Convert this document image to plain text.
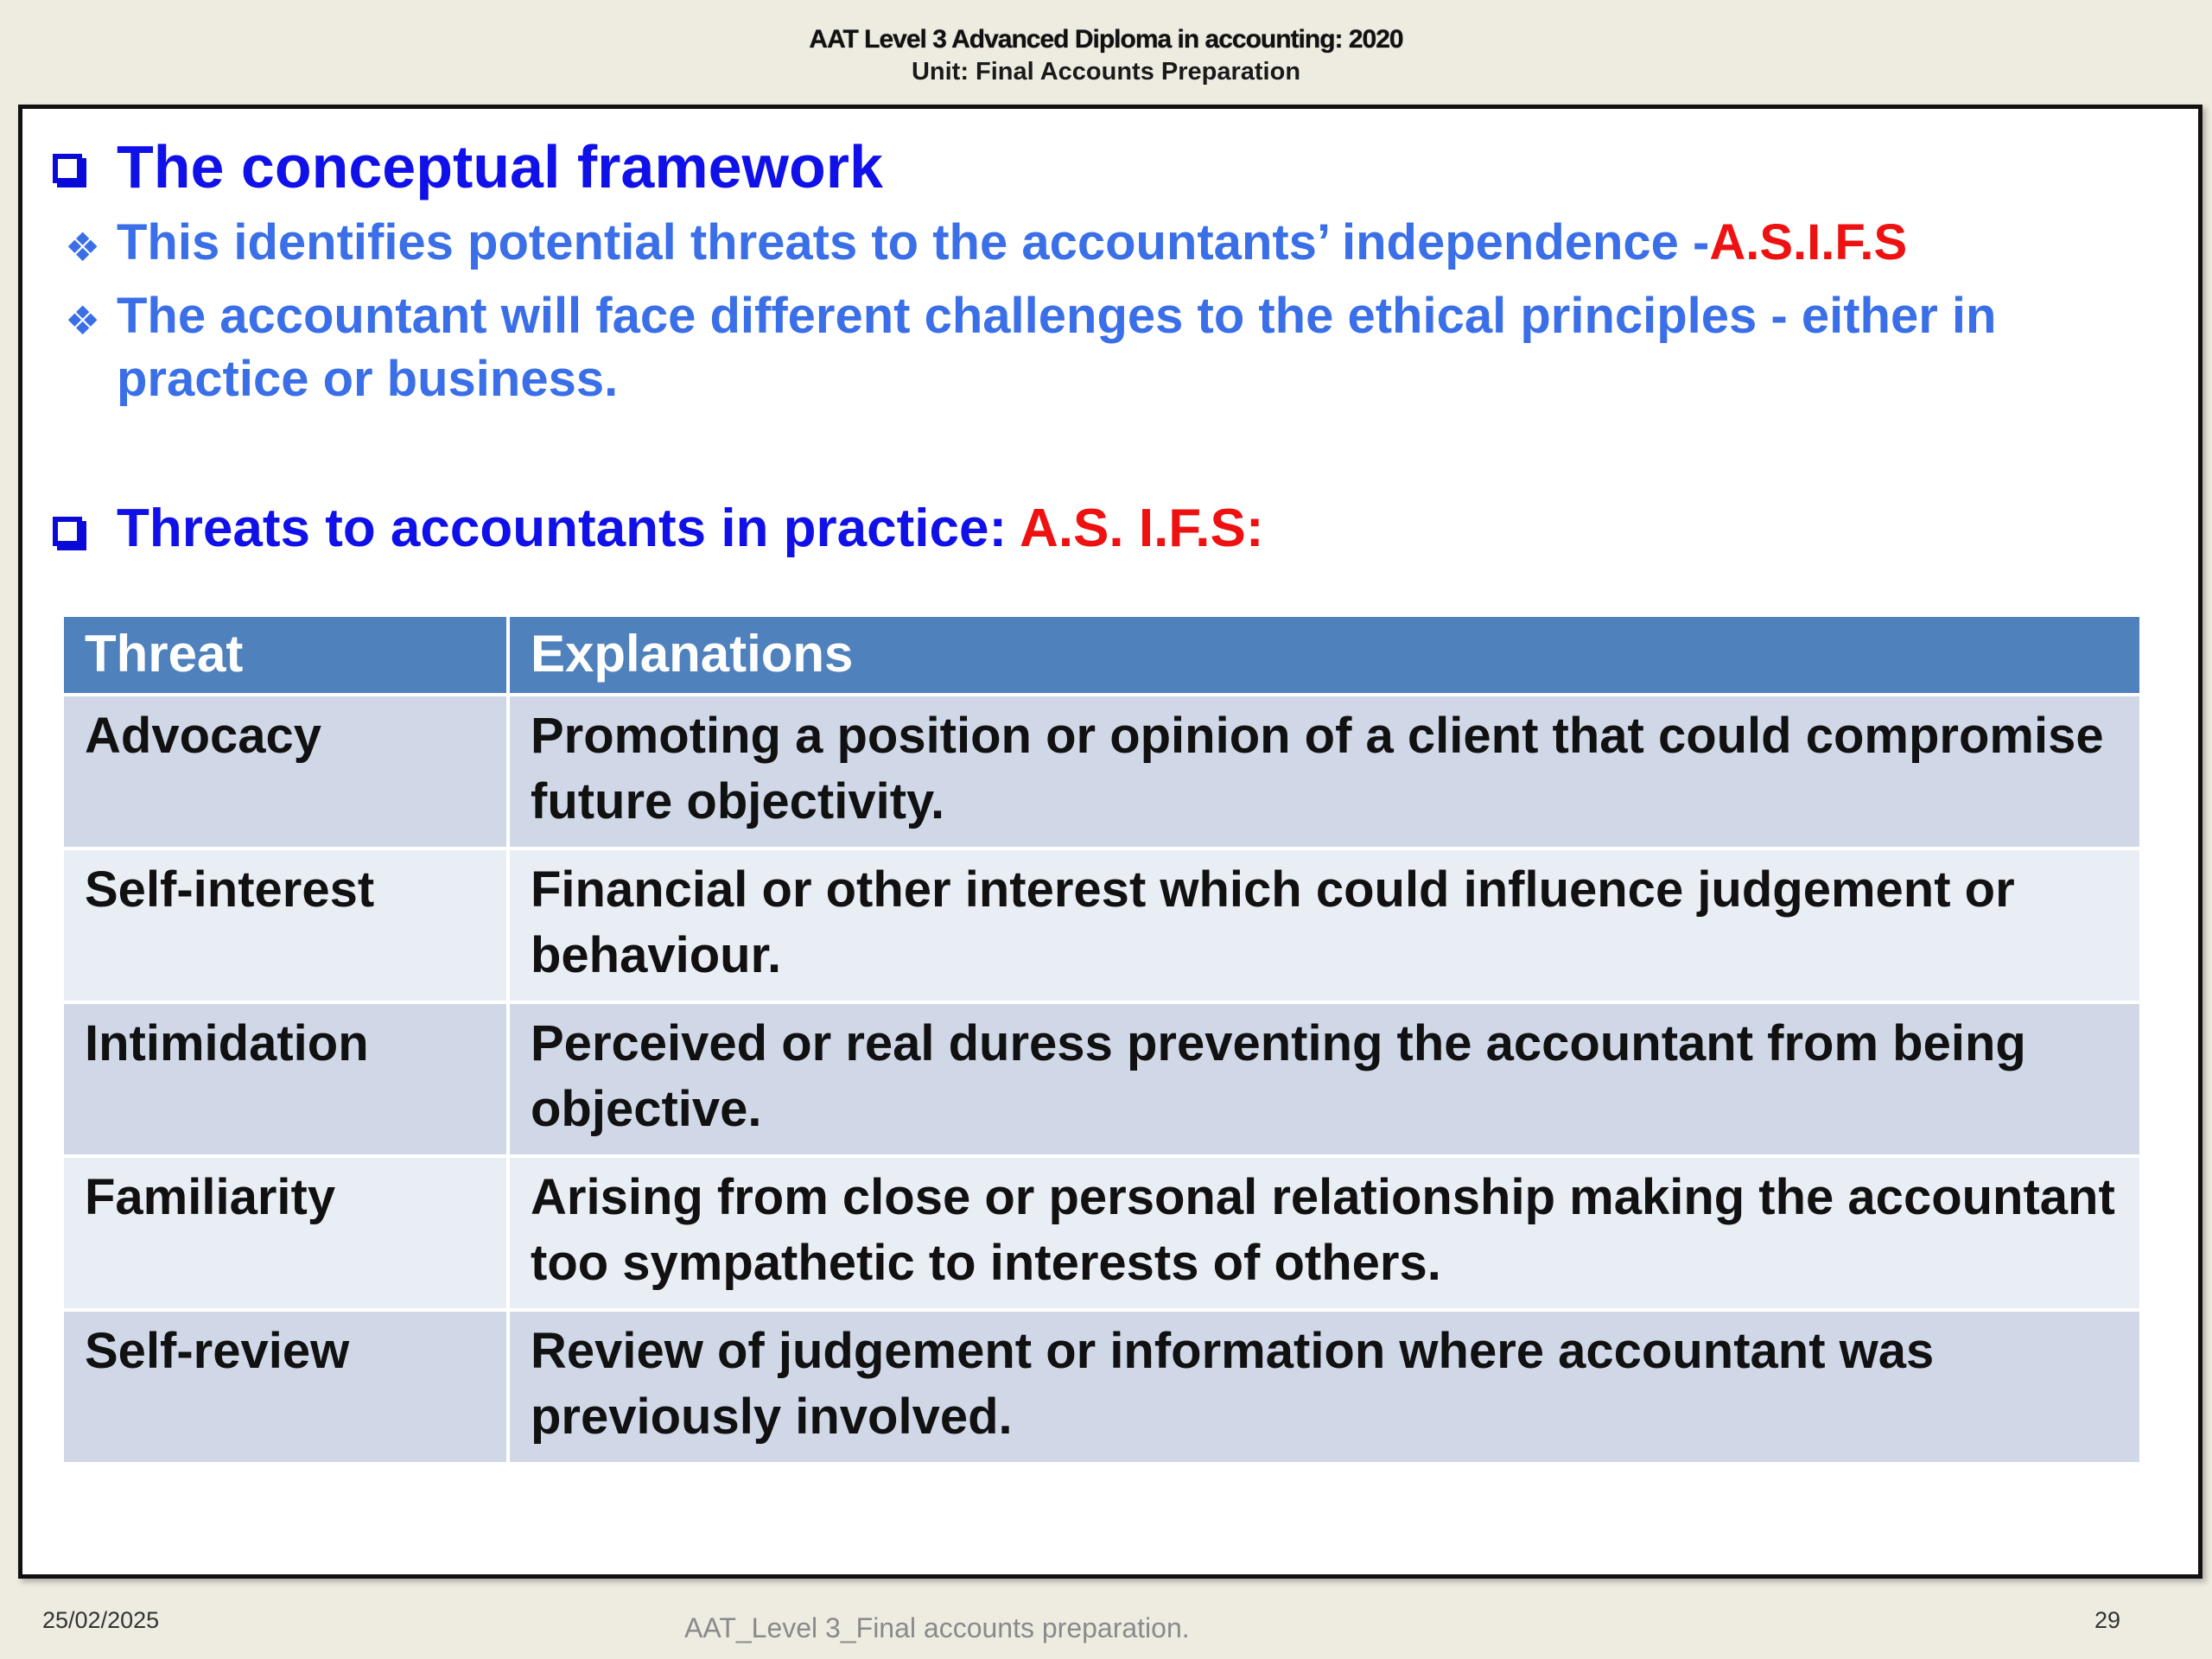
AAT Level 3 Advanced Diploma in accounting: 2020
Unit: Final Accounts Preparation
The conceptual framework
❖ This identifies potential threats to the accountants’ independence -A.S.I.F.S
❖ The accountant will face different challenges to the ethical principles - either in practice or business.
Threats to accountants in practice: A.S. I.F.S:
Threat	Explanations
Advocacy	Promoting a position or opinion of a client that could compromise future objectivity.
Self-interest	Financial or other interest which could influence judgement or behaviour.
Intimidation	Perceived or real duress preventing the accountant from being objective.
Familiarity	Arising from close or personal relationship making the accountant too sympathetic to interests of others.
Self-review	Review of judgement or information where accountant was previously involved.
25/02/2025	AAT_Level 3_Final accounts preparation.	29
